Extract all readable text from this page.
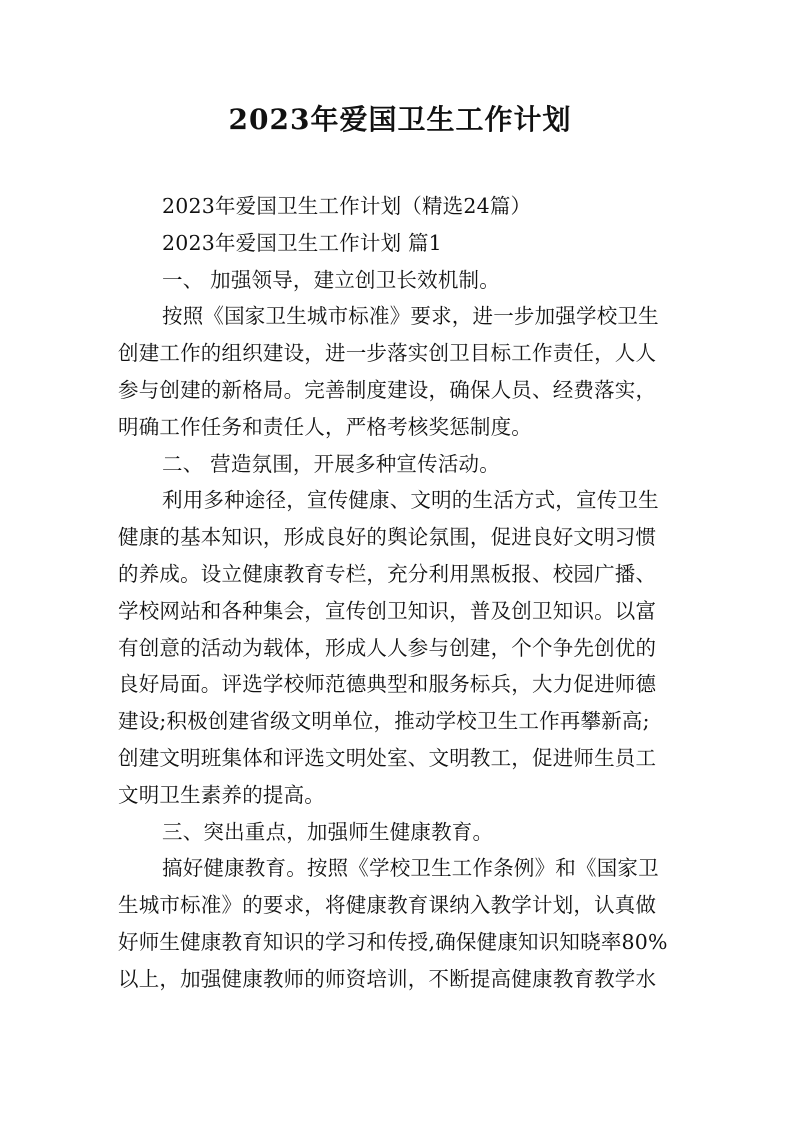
2023年爱国卫生工作计划
2023年爱国卫生工作计划（精选24篇）
2023年爱国卫生工作计划 篇1
一、 加强领导，建立创卫长效机制。
按照《国家卫生城市标准》要求，进一步加强学校卫生
创建工作的组织建设，进一步落实创卫目标工作责任，人人
参与创建的新格局。完善制度建设，确保人员、经费落实，
明确工作任务和责任人，严格考核奖惩制度。
二、 营造氛围，开展多种宣传活动。
利用多种途径，宣传健康、文明的生活方式，宣传卫生
健康的基本知识，形成良好的舆论氛围，促进良好文明习惯
的养成。设立健康教育专栏，充分利用黑板报、校园广播、
学校网站和各种集会，宣传创卫知识，普及创卫知识。以富
有创意的活动为载体，形成人人参与创建，个个争先创优的
良好局面。评选学校师范德典型和服务标兵，大力促进师德
建设;积极创建省级文明单位，推动学校卫生工作再攀新高;
创建文明班集体和评选文明处室、文明教工，促进师生员工
文明卫生素养的提高。
三、突出重点，加强师生健康教育。
搞好健康教育。按照《学校卫生工作条例》和《国家卫
生城市标准》的要求，将健康教育课纳入教学计划，认真做
好师生健康教育知识的学习和传授,确保健康知识知晓率80%
以上，加强健康教师的师资培训，不断提高健康教育教学水
